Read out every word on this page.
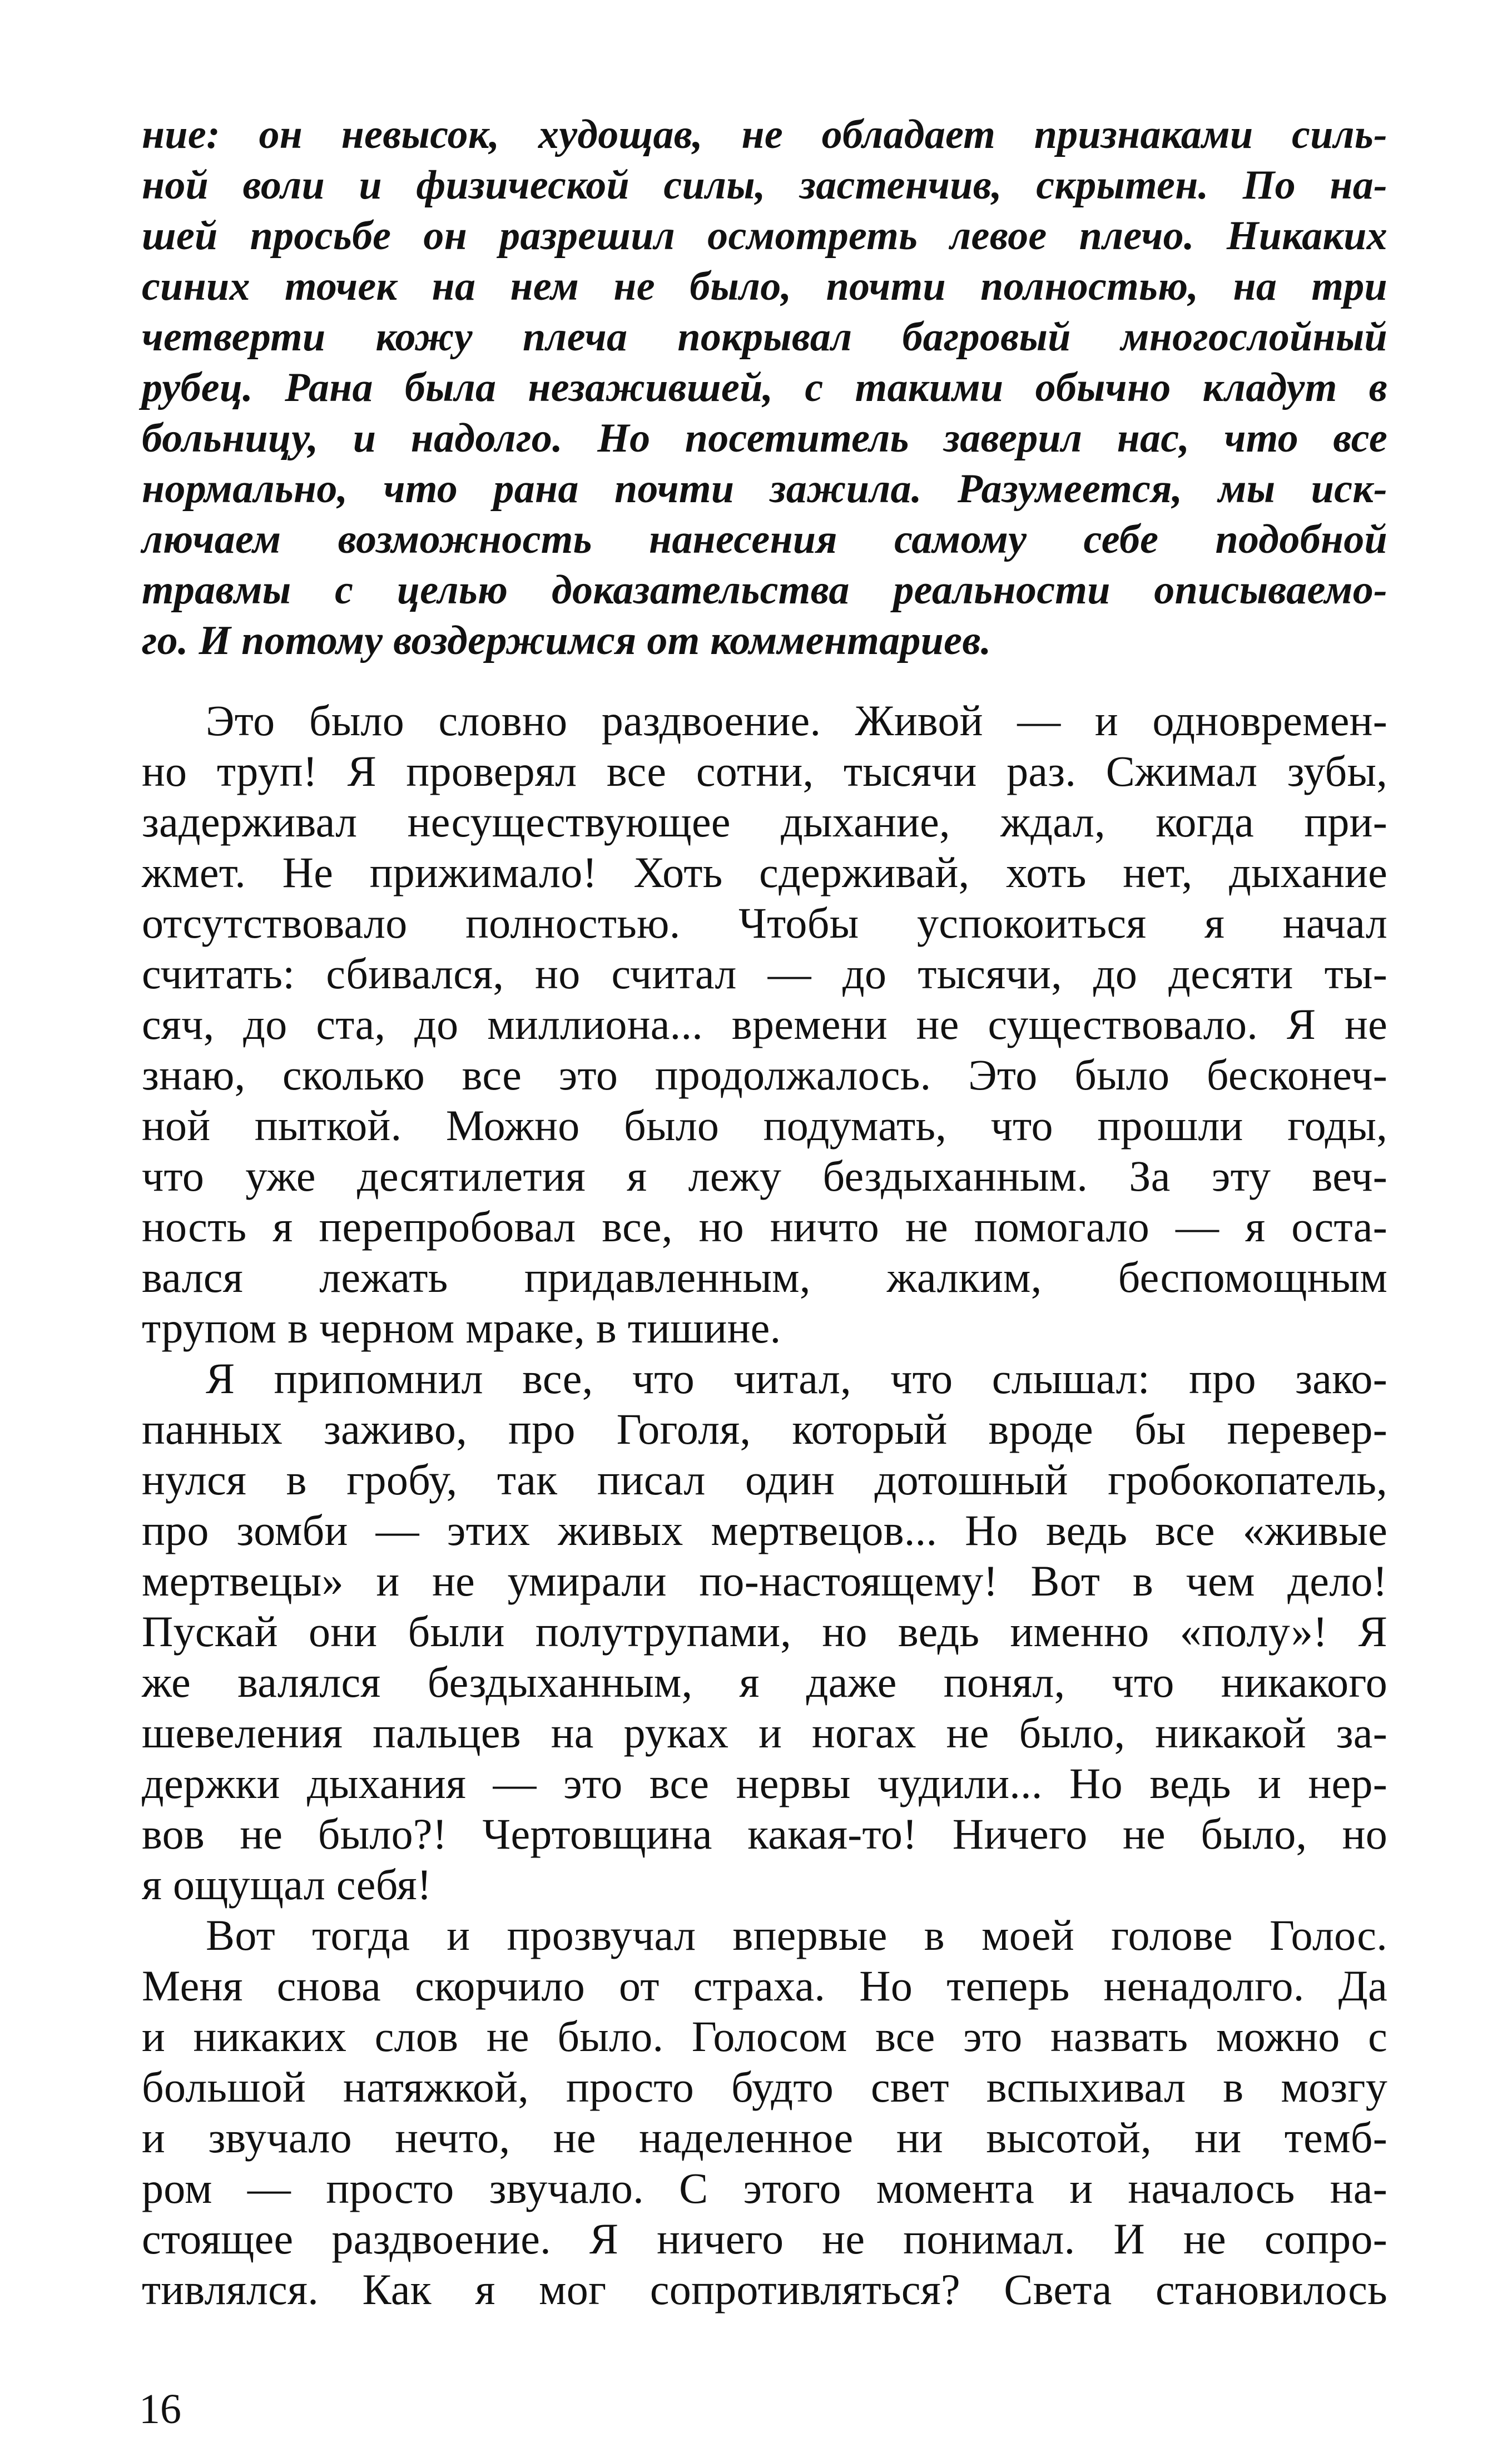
ние: он невысок, худощав, не обладает признаками силь-
ной воли и физической силы, застенчив, скрытен. По на-
шей просьбе он разрешил осмотреть левое плечо. Никаких
синих точек на нем не было, почти полностью, на три
четверти кожу плеча покрывал багровый многослойный
рубец. Рана была незажившей, с такими обычно кладут в
больницу, и надолго. Но посетитель заверил нас, что все
нормально, что рана почти зажила. Разумеется, мы иск-
лючаем возможность нанесения самому себе подобной
травмы с целью доказательства реальности описываемо-
го. И потому воздержимся от комментариев.
Это было словно раздвоение. Живой — и одновремен-
но труп! Я проверял все сотни, тысячи раз. Сжимал зубы,
задерживал несуществующее дыхание, ждал, когда при-
жмет. Не прижимало! Хоть сдерживай, хоть нет, дыхание
отсутствовало полностью. Чтобы успокоиться я начал
считать: сбивался, но считал — до тысячи, до десяти ты-
сяч, до ста, до миллиона... времени не существовало. Я не
знаю, сколько все это продолжалось. Это было бесконеч-
ной пыткой. Можно было подумать, что прошли годы,
что уже десятилетия я лежу бездыханным. За эту веч-
ность я перепробовал все, но ничто не помогало — я оста-
вался лежать придавленным, жалким, беспомощным
трупом в черном мраке, в тишине.
Я припомнил все, что читал, что слышал: про зако-
панных заживо, про Гоголя, который вроде бы перевер-
нулся в гробу, так писал один дотошный гробокопатель,
про зомби — этих живых мертвецов... Но ведь все «живые
мертвецы» и не умирали по-настоящему! Вот в чем дело!
Пускай они были полутрупами, но ведь именно «полу»! Я
же валялся бездыханным, я даже понял, что никакого
шевеления пальцев на руках и ногах не было, никакой за-
держки дыхания — это все нервы чудили... Но ведь и нер-
вов не было?! Чертовщина какая-то! Ничего не было, но
я ощущал себя!
Вот тогда и прозвучал впервые в моей голове Голос.
Меня снова скорчило от страха. Но теперь ненадолго. Да
и никаких слов не было. Голосом все это назвать можно с
большой натяжкой, просто будто свет вспыхивал в мозгу
и звучало нечто, не наделенное ни высотой, ни темб-
ром — просто звучало. С этого момента и началось на-
стоящее раздвоение. Я ничего не понимал. И не сопро-
тивлялся. Как я мог сопротивляться? Света становилось
16
